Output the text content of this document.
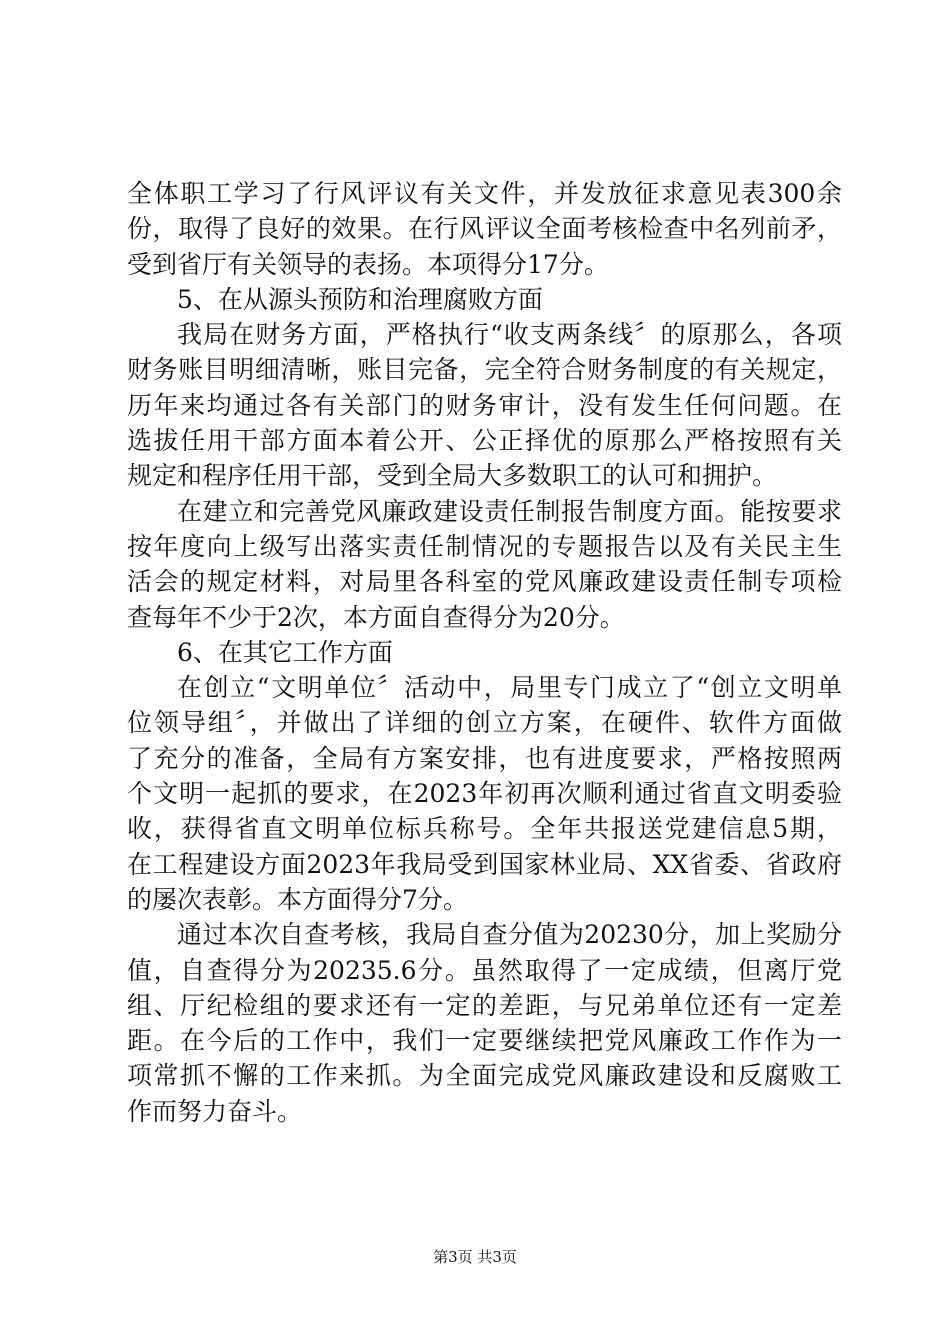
全体职工学习了行风评议有关文件，并发放征求意见表300余
份，取得了良好的效果。在行风评议全面考核检查中名列前矛，
受到省厅有关领导的表扬。本项得分17分。
5、在从源头预防和治理腐败方面
我局在财务方面，严格执行“收支两条线〞的原那么，各项
财务账目明细清晰，账目完备，完全符合财务制度的有关规定，
历年来均通过各有关部门的财务审计，没有发生任何问题。在
选拔任用干部方面本着公开、公正择优的原那么严格按照有关
规定和程序任用干部，受到全局大多数职工的认可和拥护。
在建立和完善党风廉政建设责任制报告制度方面。能按要求
按年度向上级写出落实责任制情况的专题报告以及有关民主生
活会的规定材料，对局里各科室的党风廉政建设责任制专项检
查每年不少于2次，本方面自查得分为20分。
6、在其它工作方面
在创立“文明单位〞活动中，局里专门成立了“创立文明单
位领导组〞，并做出了详细的创立方案，在硬件、软件方面做
了充分的准备，全局有方案安排，也有进度要求，严格按照两
个文明一起抓的要求，在2023年初再次顺利通过省直文明委验
收，获得省直文明单位标兵称号。全年共报送党建信息5期，
在工程建设方面2023年我局受到国家林业局、XX省委、省政府
的屡次表彰。本方面得分7分。
通过本次自查考核，我局自查分值为20230分，加上奖励分
值，自查得分为20235.6分。虽然取得了一定成绩，但离厅党
组、厅纪检组的要求还有一定的差距，与兄弟单位还有一定差
距。在今后的工作中，我们一定要继续把党风廉政工作作为一
项常抓不懈的工作来抓。为全面完成党风廉政建设和反腐败工
作而努力奋斗。
第3页 共3页
